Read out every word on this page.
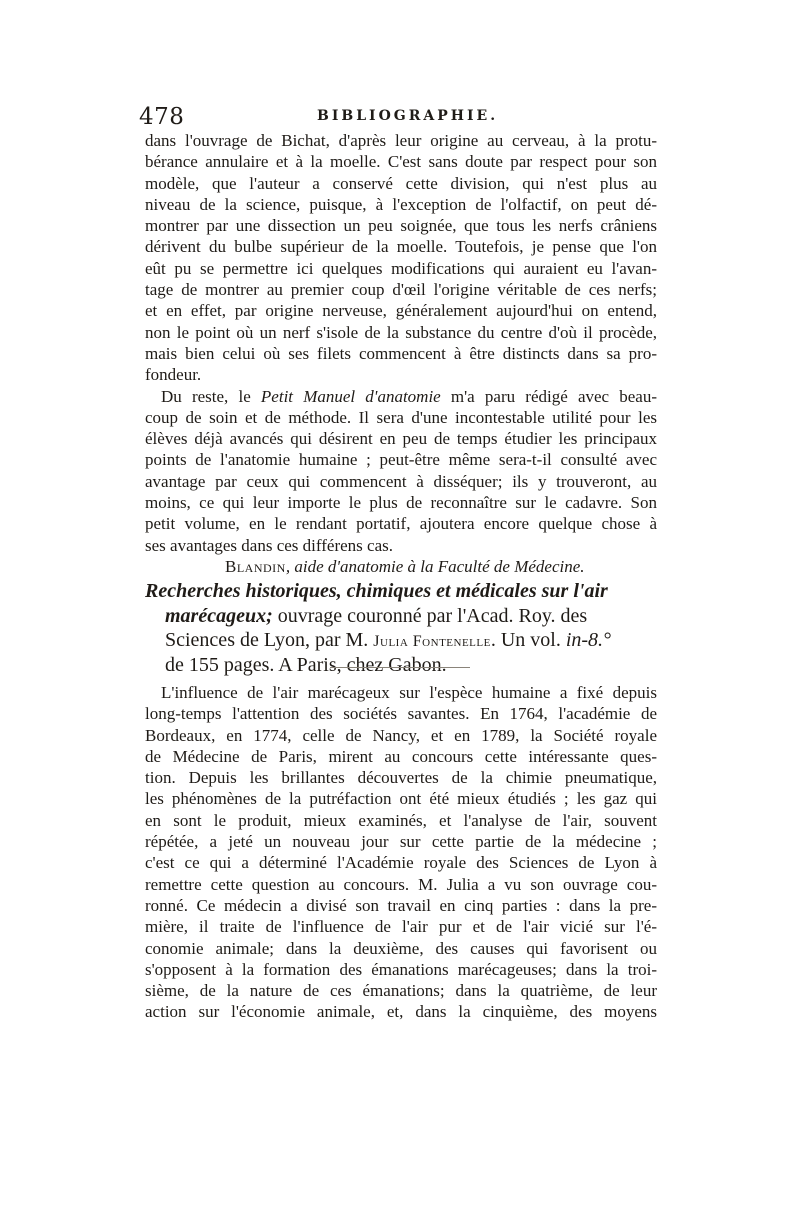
478	BIBLIOGRAPHIE.
dans l'ouvrage de Bichat, d'après leur origine au cerveau, à la protu-
bérance annulaire et à la moelle. C'est sans doute par respect pour son
modèle, que l'auteur a conservé cette division, qui n'est plus au
niveau de la science, puisque, à l'exception de l'olfactif, on peut dé-
montrer par une dissection un peu soignée, que tous les nerfs crâniens
dérivent du bulbe supérieur de la moelle. Toutefois, je pense que l'on
eût pu se permettre ici quelques modifications qui auraient eu l'avan-
tage de montrer au premier coup d'œil l'origine véritable de ces nerfs;
et en effet, par origine nerveuse, généralement aujourd'hui on entend,
non le point où un nerf s'isole de la substance du centre d'où il procède,
mais bien celui où ses filets commencent à être distincts dans sa pro-
fondeur.
Du reste, le Petit Manuel d'anatomie m'a paru rédigé avec beau-
coup de soin et de méthode. Il sera d'une incontestable utilité pour les
élèves déjà avancés qui désirent en peu de temps étudier les principaux
points de l'anatomie humaine ; peut-être même sera-t-il consulté avec
avantage par ceux qui commencent à disséquer; ils y trouveront, au
moins, ce qui leur importe le plus de reconnaître sur le cadavre. Son
petit volume, en le rendant portatif, ajoutera encore quelque chose à
ses avantages dans ces différens cas.
Blandin, aide d'anatomie à la Faculté de Médecine.
Recherches historiques, chimiques et médicales sur l'air
marécageux; ouvrage couronné par l'Acad. Roy. des
Sciences de Lyon, par M. Julia Fontenelle. Un vol. in-8.°
de 155 pages. A Paris, chez Gabon.
L'influence de l'air marécageux sur l'espèce humaine a fixé depuis
long-temps l'attention des sociétés savantes. En 1764, l'académie de
Bordeaux, en 1774, celle de Nancy, et en 1789, la Société royale
de Médecine de Paris, mirent au concours cette intéressante ques-
tion. Depuis les brillantes découvertes de la chimie pneumatique,
les phénomènes de la putréfaction ont été mieux étudiés ; les gaz qui
en sont le produit, mieux examinés, et l'analyse de l'air, souvent
répétée, a jeté un nouveau jour sur cette partie de la médecine ;
c'est ce qui a déterminé l'Académie royale des Sciences de Lyon à
remettre cette question au concours. M. Julia a vu son ouvrage cou-
ronné. Ce médecin a divisé son travail en cinq parties : dans la pre-
mière, il traite de l'influence de l'air pur et de l'air vicié sur l'é-
conomie animale; dans la deuxième, des causes qui favorisent ou
s'opposent à la formation des émanations marécageuses; dans la troi-
sième, de la nature de ces émanations; dans la quatrième, de leur
action sur l'économie animale, et, dans la cinquième, des moyens
